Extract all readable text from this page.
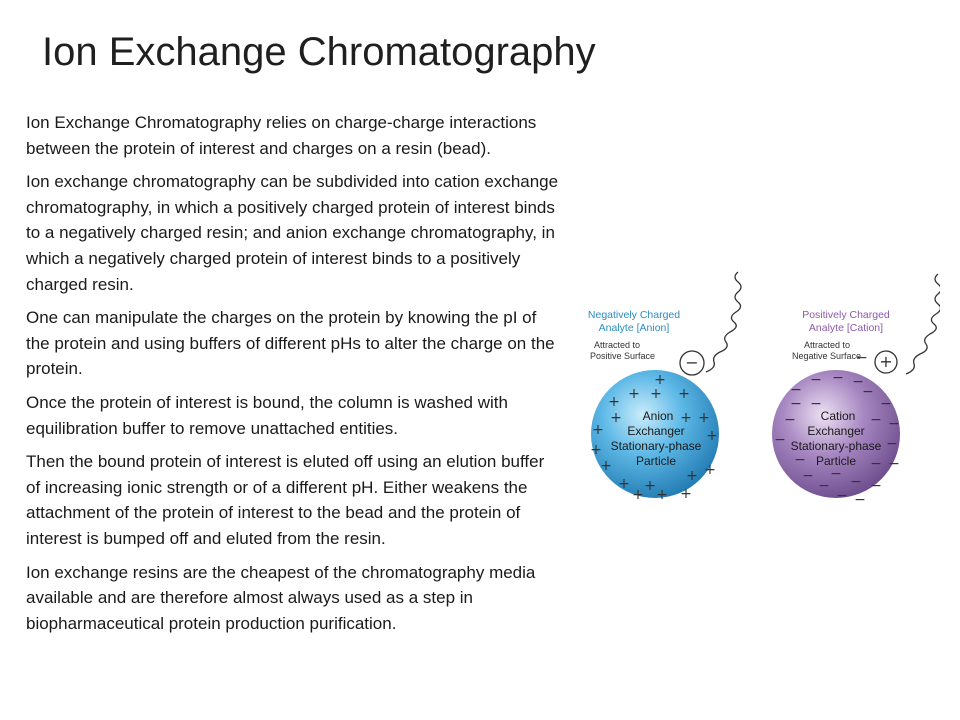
Ion Exchange Chromatography

Ion Exchange Chromatography relies on charge-charge interactions between the protein of interest and charges on a resin (bead).

Ion exchange chromatography can be subdivided into cation exchange chromatography, in which a positively charged protein of interest binds to a negatively charged resin; and anion exchange chromatography, in which a negatively charged protein of interest binds to a positively charged resin.

One can manipulate the charges on the protein by knowing the pI of the protein and using buffers of different pHs to alter the charge on the protein.

Once the protein of interest is bound, the column is washed with equilibration buffer to remove unattached entities.

Then the bound protein of interest is eluted off using an elution buffer of increasing ionic strength or of a different pH. Either weakens the attachment of the protein of interest to the bead and the protein of interest is bumped off and eluted from the resin.

Ion exchange resins are the cheapest of the chromatography media available and are therefore almost always used as a step in biopharmaceutical protein production purification.

Negatively Charged
Analyte [Anion]
Attracted to
Positive Surface −
Anion
Exchanger
Stationary-phase
Particle
+
+ + +
+
+	+ +
+	+
+
+
+ +
+ +
+ + +
Positively Charged
Analyte [Cation]
Attracted to
Negative Surface +
Cation
Exchanger
Stationary-phase
Particle
−
− − −
−	−
− −	−
−	− −
−	−
−	− −
− −
− − −
− −
